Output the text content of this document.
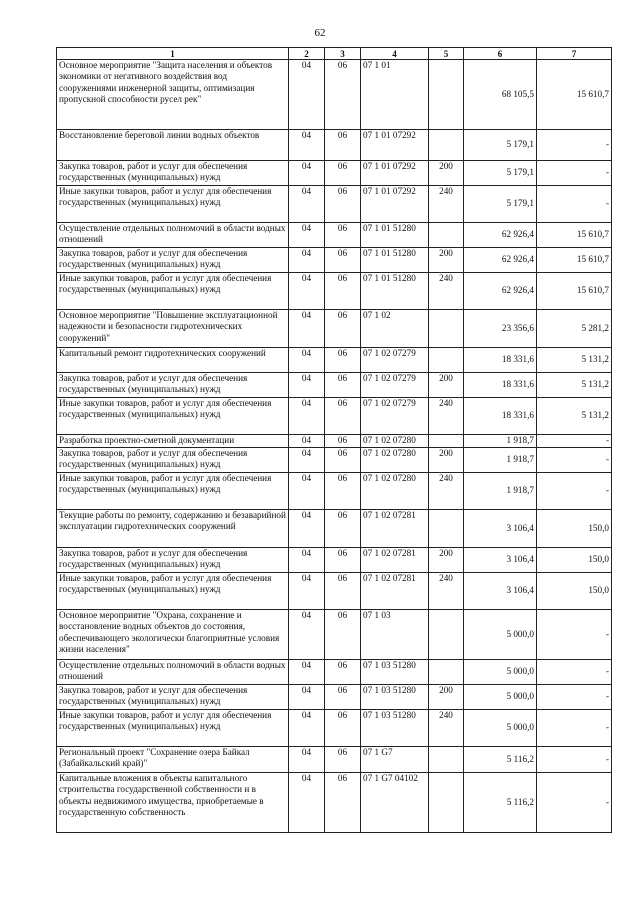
62
1	2	3	4	5	6	7
Основное мероприятие "Защита населения и объектов экономики от негативного воздействия вод сооружениями инженерной защиты, оптимизация пропускной способности русел рек"	04	06	07 1 01		68 105,5	15 610,7
Восстановление береговой линии водных объектов	04	06	07 1 01 07292		5 179,1	-
Закупка товаров, работ и услуг для обеспечения государственных (муниципальных) нужд	04	06	07 1 01 07292	200	5 179,1	-
Иные закупки товаров, работ и услуг для обеспечения государственных (муниципальных) нужд	04	06	07 1 01 07292	240	5 179,1	-
Осуществление отдельных полномочий в области водных отношений	04	06	07 1 01 51280		62 926,4	15 610,7
Закупка товаров, работ и услуг для обеспечения государственных (муниципальных) нужд	04	06	07 1 01 51280	200	62 926,4	15 610,7
Иные закупки товаров, работ и услуг для обеспечения государственных (муниципальных) нужд	04	06	07 1 01 51280	240	62 926,4	15 610,7
Основное мероприятие "Повышение эксплуатационной надежности и безопасности гидротехнических сооружений"	04	06	07 1 02		23 356,6	5 281,2
Капитальный ремонт гидротехнических сооружений	04	06	07 1 02 07279		18 331,6	5 131,2
Закупка товаров, работ и услуг для обеспечения государственных (муниципальных) нужд	04	06	07 1 02 07279	200	18 331,6	5 131,2
Иные закупки товаров, работ и услуг для обеспечения государственных (муниципальных) нужд	04	06	07 1 02 07279	240	18 331,6	5 131,2
Разработка проектно-сметной документации	04	06	07 1 02 07280		1 918,7	-
Закупка товаров, работ и услуг для обеспечения государственных (муниципальных) нужд	04	06	07 1 02 07280	200	1 918,7	-
Иные закупки товаров, работ и услуг для обеспечения государственных (муниципальных) нужд	04	06	07 1 02 07280	240	1 918,7	-
Текущие работы по ремонту, содержанию и безаварийной эксплуатации гидротехнических сооружений	04	06	07 1 02 07281		3 106,4	150,0
Закупка товаров, работ и услуг для обеспечения государственных (муниципальных) нужд	04	06	07 1 02 07281	200	3 106,4	150,0
Иные закупки товаров, работ и услуг для обеспечения государственных (муниципальных) нужд	04	06	07 1 02 07281	240	3 106,4	150,0
Основное мероприятие "Охрана, сохранение и восстановление водных объектов до состояния, обеспечивающего экологически благоприятные условия жизни населения"	04	06	07 1 03		5 000,0	-
Осуществление отдельных полномочий в области водных отношений	04	06	07 1 03 51280		5 000,0	-
Закупка товаров, работ и услуг для обеспечения государственных (муниципальных) нужд	04	06	07 1 03 51280	200	5 000,0	-
Иные закупки товаров, работ и услуг для обеспечения государственных (муниципальных) нужд	04	06	07 1 03 51280	240	5 000,0	-
Региональный проект "Сохранение озера Байкал (Забайкальский край)"	04	06	07 1 G7		5 116,2	-
Капитальные вложения в объекты капитального строительства государственной собственности и в объекты недвижимого имущества, приобретаемые в государственную собственность	04	06	07 1 G7 04102		5 116,2	-
